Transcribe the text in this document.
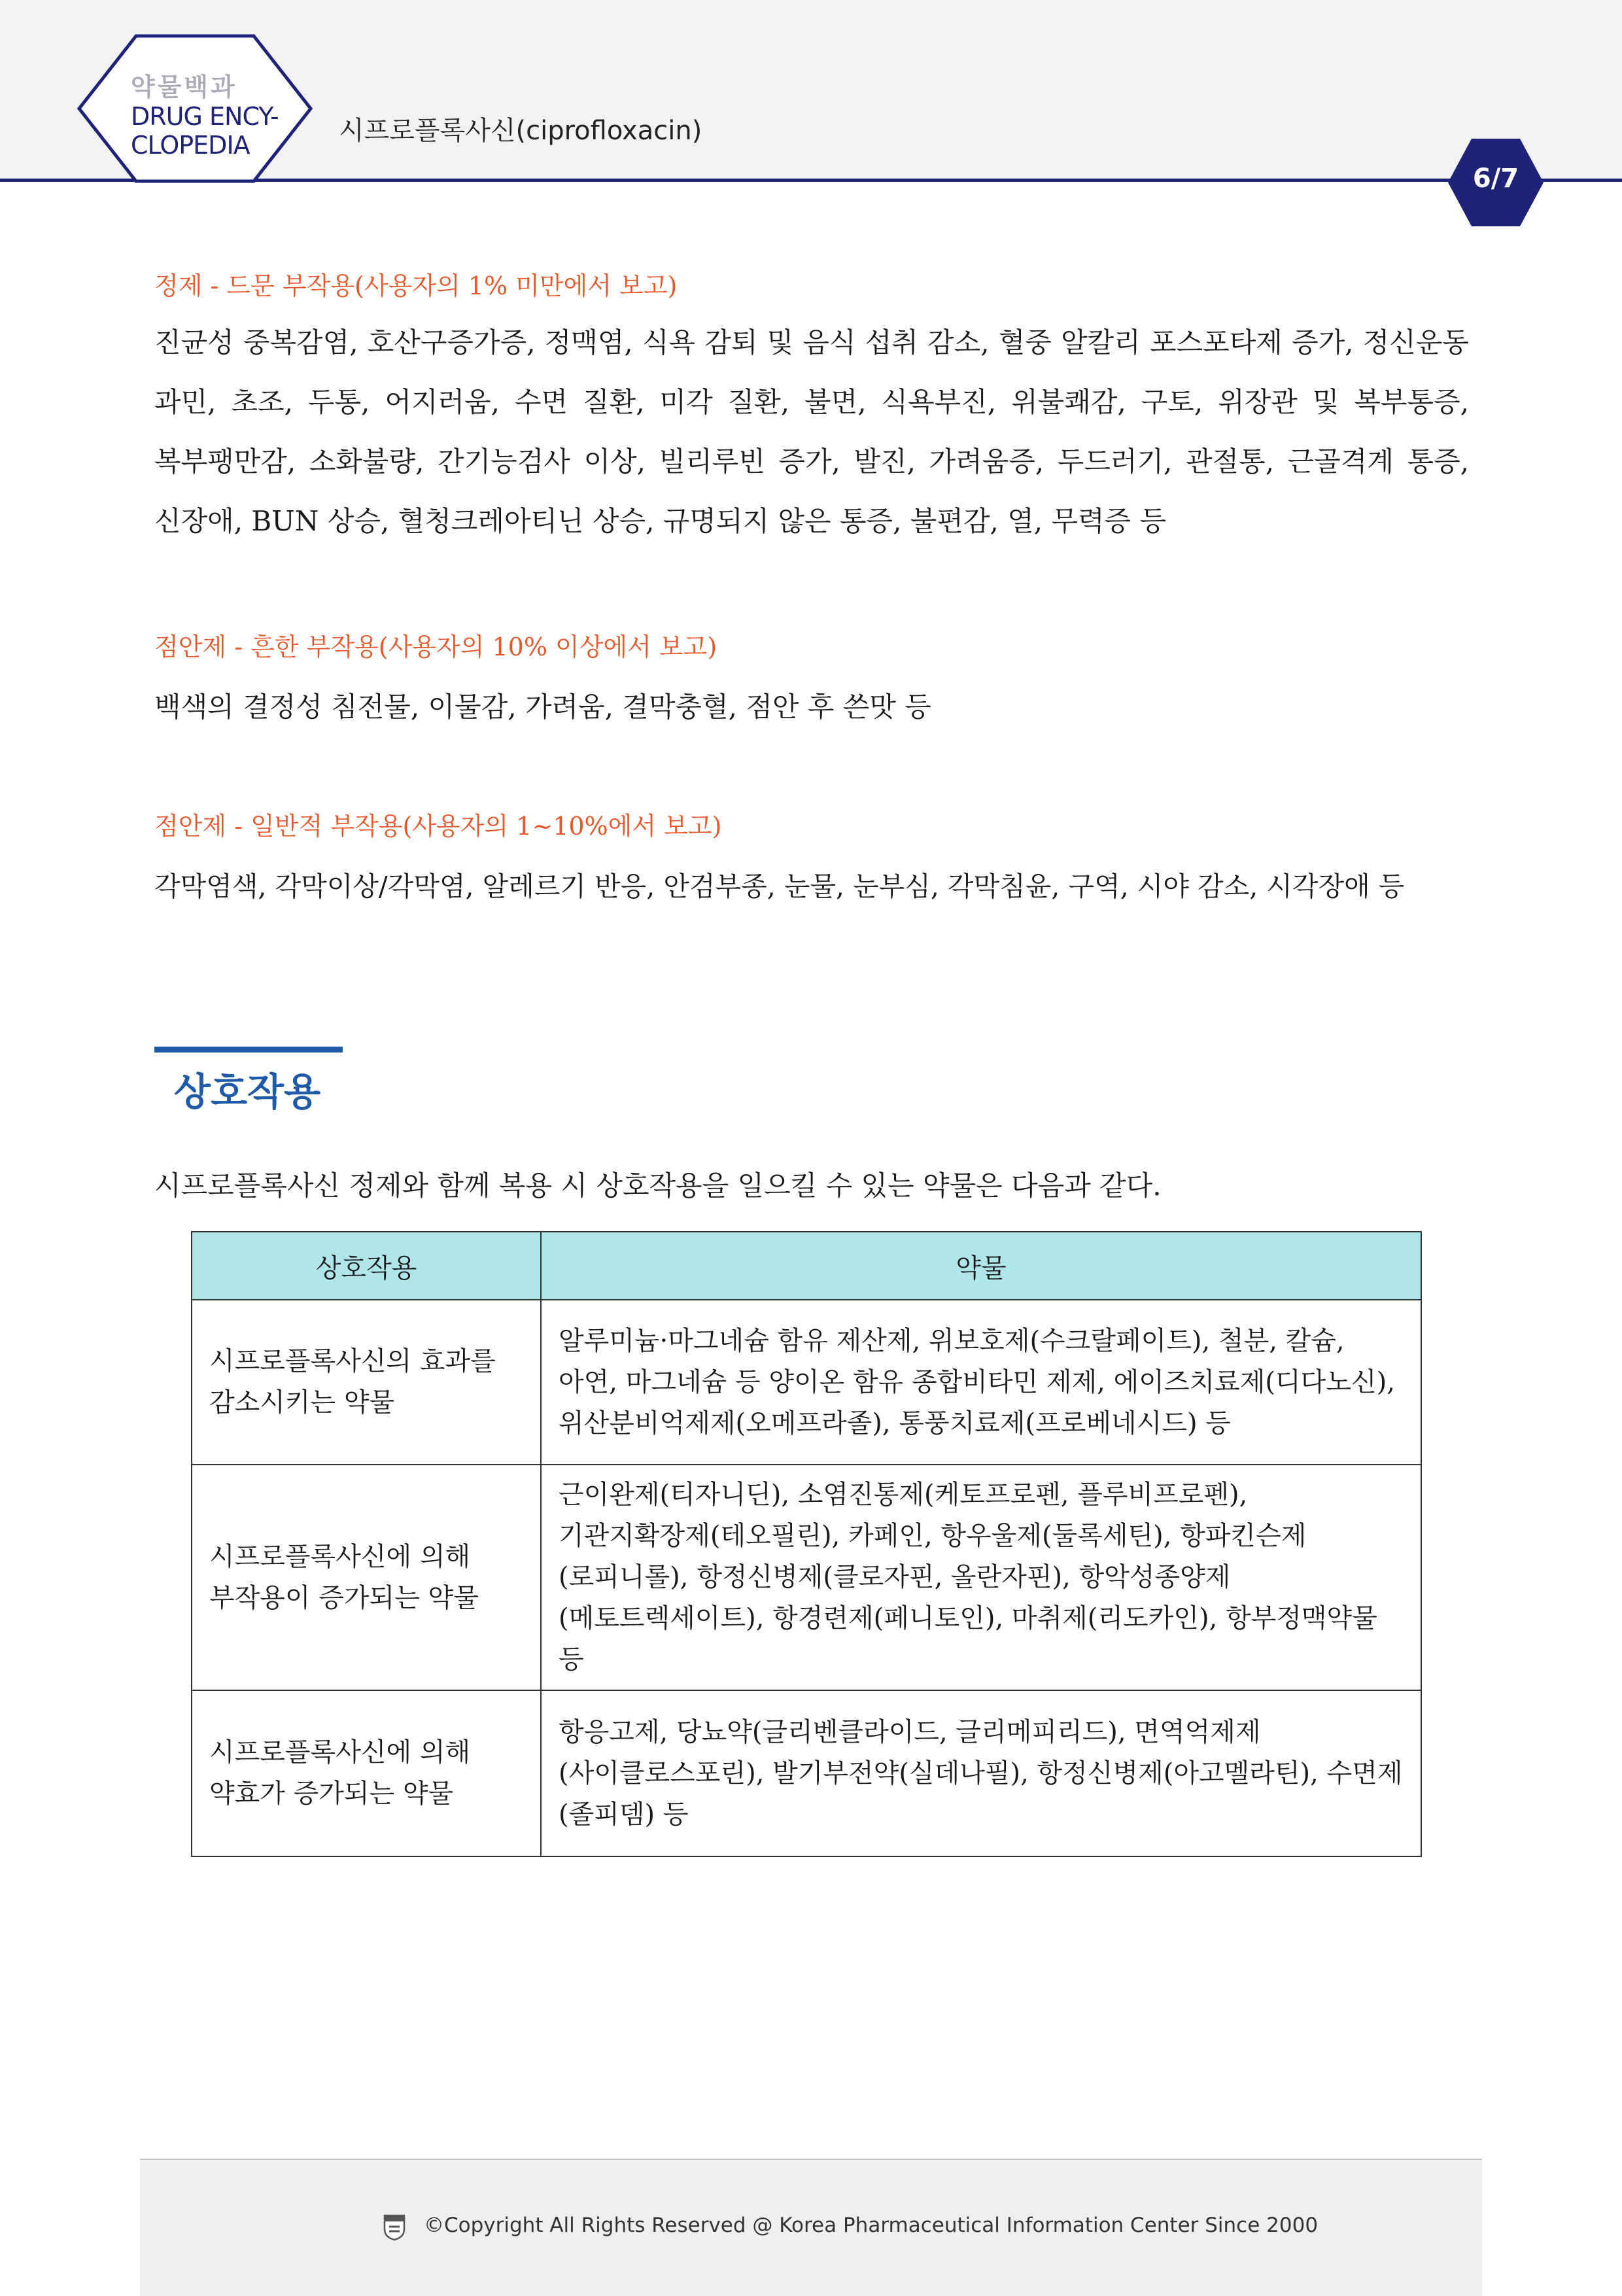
약물백과
DRUG ENCY-
CLOPEDIA	시프로플록사신(ciprofloxacin)
6/7
정제 - 드문 부작용(사용자의 1% 미만에서 보고)
진균성 중복감염, 호산구증가증, 정맥염, 식욕 감퇴 및 음식 섭취 감소, 혈중 알칼리 포스포타제 증가, 정신운동 과민, 초조, 두통, 어지러움, 수면 질환, 미각 질환, 불면, 식욕부진, 위불쾌감, 구토, 위장관 및 복부통증, 복부팽만감, 소화불량, 간기능검사 이상, 빌리루빈 증가, 발진, 가려움증, 두드러기, 관절통, 근골격계 통증, 신장애, BUN 상승, 혈청크레아티닌 상승, 규명되지 않은 통증, 불편감, 열, 무력증 등
점안제 - 흔한 부작용(사용자의 10% 이상에서 보고)
백색의 결정성 침전물, 이물감, 가려움, 결막충혈, 점안 후 쓴맛 등
점안제 - 일반적 부작용(사용자의 1~10%에서 보고)
각막염색, 각막이상/각막염, 알레르기 반응, 안검부종, 눈물, 눈부심, 각막침윤, 구역, 시야 감소, 시각장애 등
상호작용
시프로플록사신 정제와 함께 복용 시 상호작용을 일으킬 수 있는 약물은 다음과 같다.
상호작용	약물
시프로플록사신의 효과를 감소시키는 약물	알루미늄·마그네슘 함유 제산제, 위보호제(수크랄페이트), 철분, 칼슘, 아연, 마그네슘 등 양이온 함유 종합비타민 제제, 에이즈치료제(디다노신), 위산분비억제제(오메프라졸), 통풍치료제(프로베네시드) 등
시프로플록사신에 의해 부작용이 증가되는 약물	근이완제(티자니딘), 소염진통제(케토프로펜, 플루비프로펜), 기관지확장제(테오필린), 카페인, 항우울제(둘록세틴), 항파킨슨제(로피니롤), 항정신병제(클로자핀, 올란자핀), 항악성종양제(메토트렉세이트), 항경련제(페니토인), 마취제(리도카인), 항부정맥약물 등
시프로플록사신에 의해 약효가 증가되는 약물	항응고제, 당뇨약(글리벤클라이드, 글리메피리드), 면역억제제(사이클로스포린), 발기부전약(실데나필), 항정신병제(아고멜라틴), 수면제(졸피뎀) 등
©Copyright All Rights Reserved @ Korea Pharmaceutical Information Center Since 2000
